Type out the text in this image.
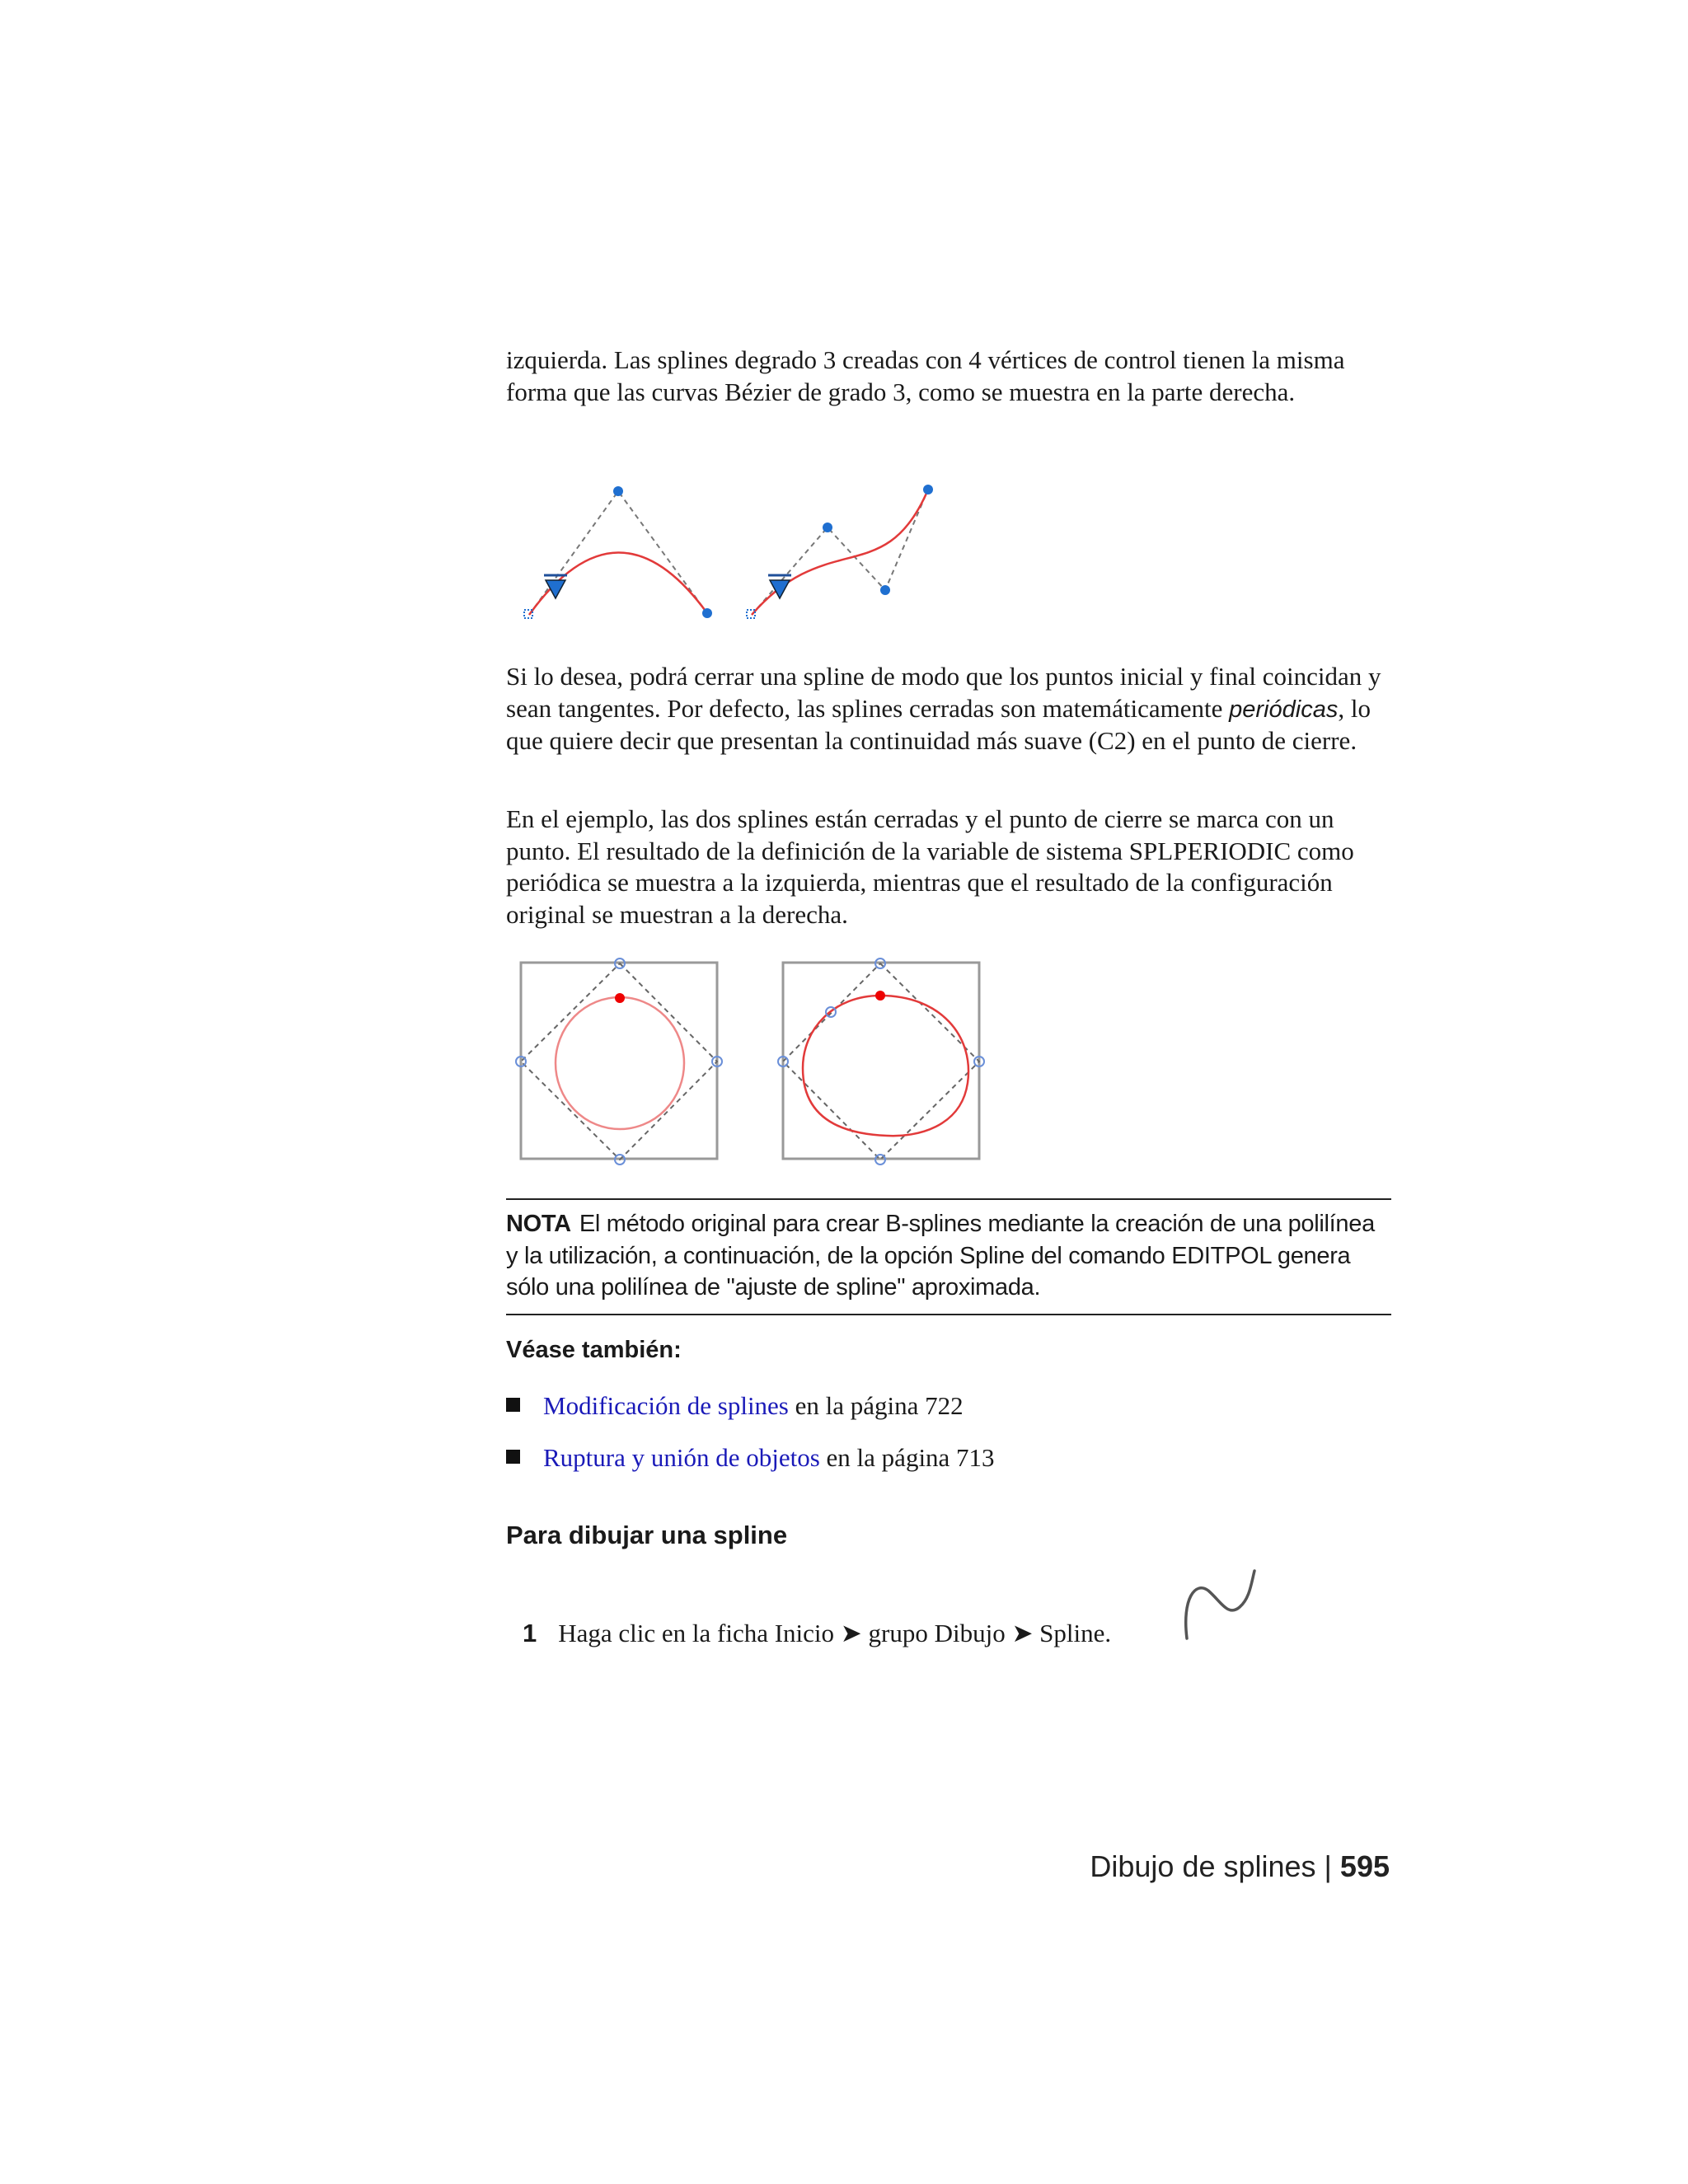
izquierda. Las splines degrado 3 creadas con 4 vértices de control tienen la misma forma que las curvas Bézier de grado 3, como se muestra en la parte derecha.

Si lo desea, podrá cerrar una spline de modo que los puntos inicial y final coincidan y sean tangentes. Por defecto, las splines cerradas son matemáticamente periódicas, lo que quiere decir que presentan la continuidad más suave (C2) en el punto de cierre.

En el ejemplo, las dos splines están cerradas y el punto de cierre se marca con un punto. El resultado de la definición de la variable de sistema SPLPERIODIC como periódica se muestra a la izquierda, mientras que el resultado de la configuración original se muestran a la derecha.

NOTA El método original para crear B-splines mediante la creación de una polilínea y la utilización, a continuación, de la opción Spline del comando EDITPOL genera sólo una polilínea de "ajuste de spline" aproximada.
Véase también:
Modificación de splines en la página 722
Ruptura y unión de objetos en la página 713
Para dibujar una spline
1 Haga clic en la ficha Inicio ➤ grupo Dibujo ➤ Spline.
Dibujo de splines | 595
